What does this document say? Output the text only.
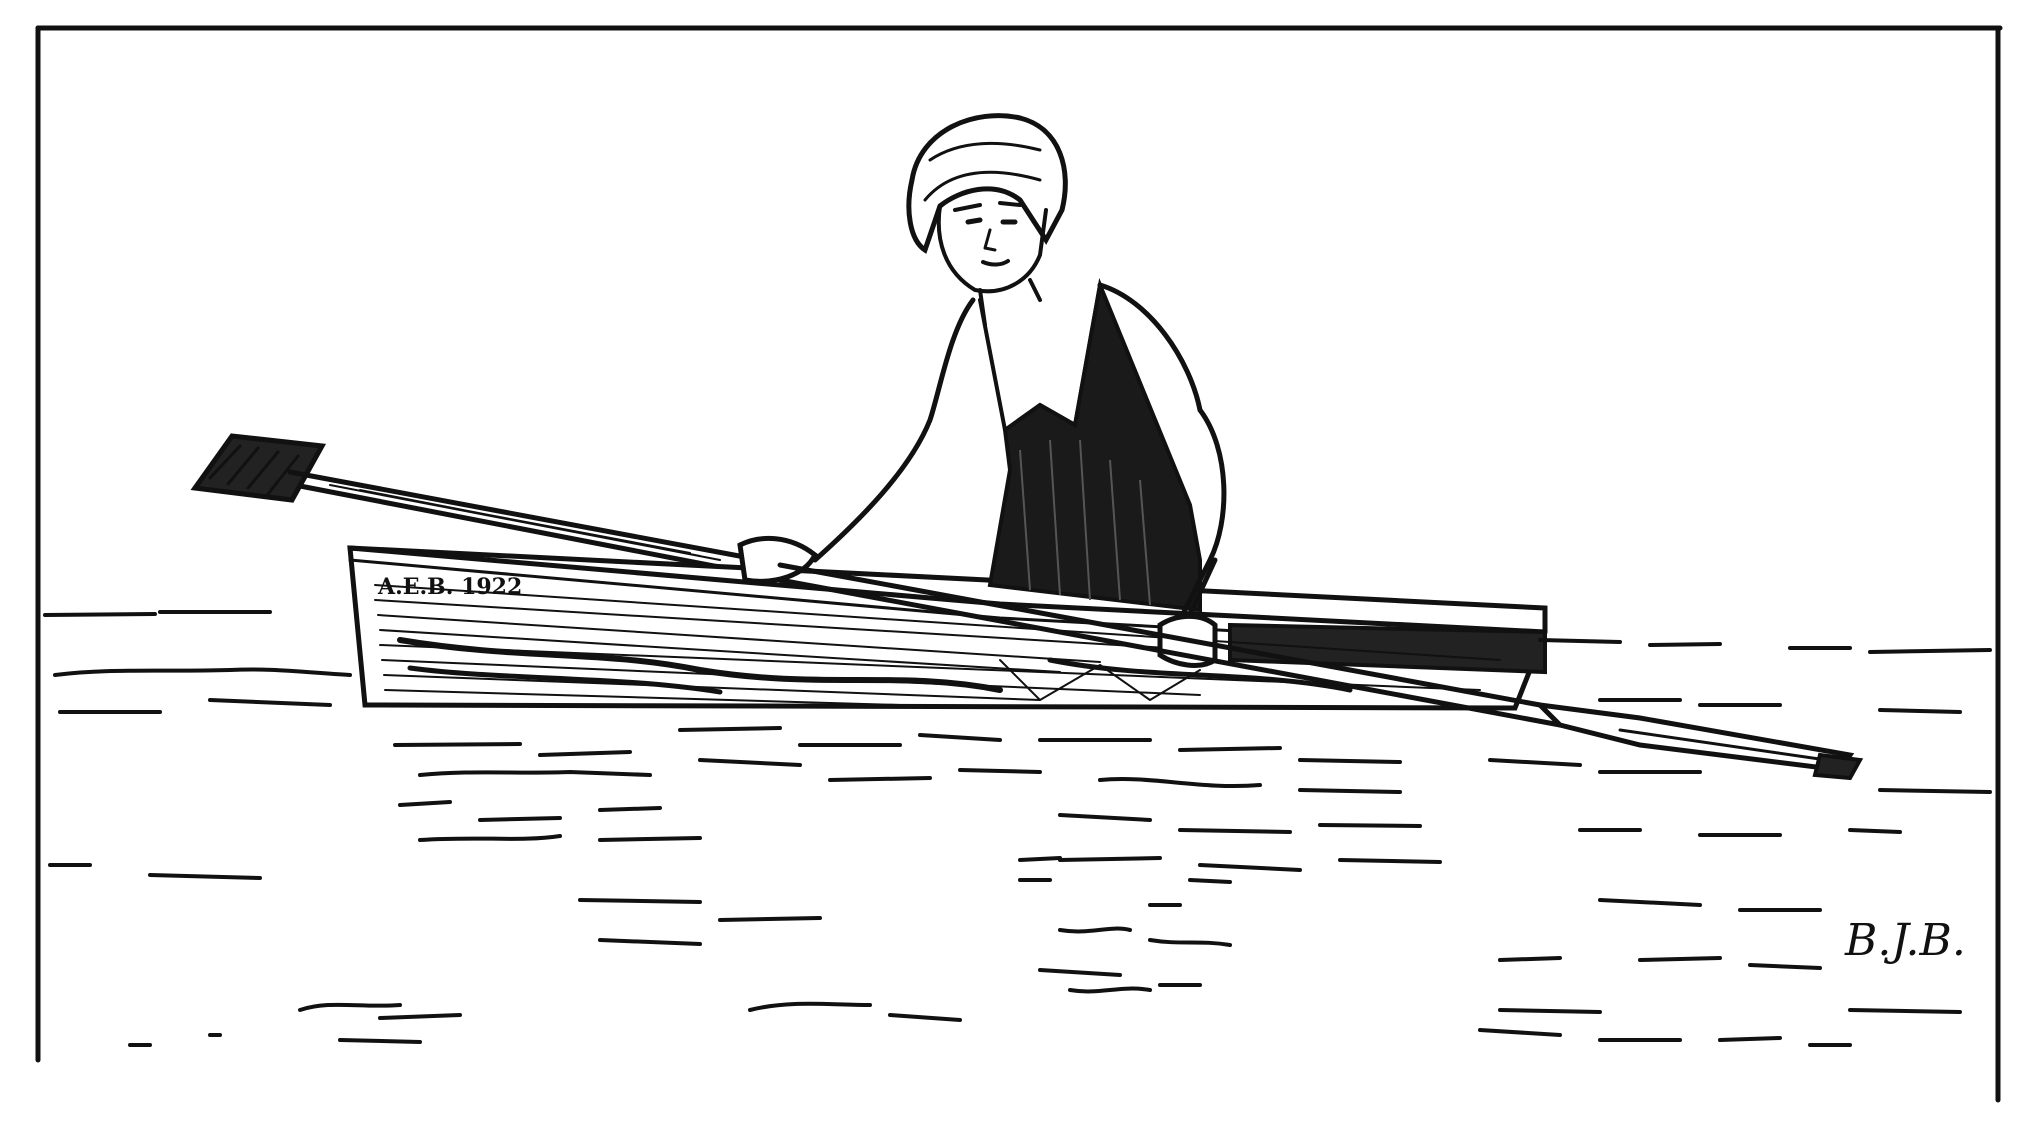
A.E.B. 1922
B.J.B.
